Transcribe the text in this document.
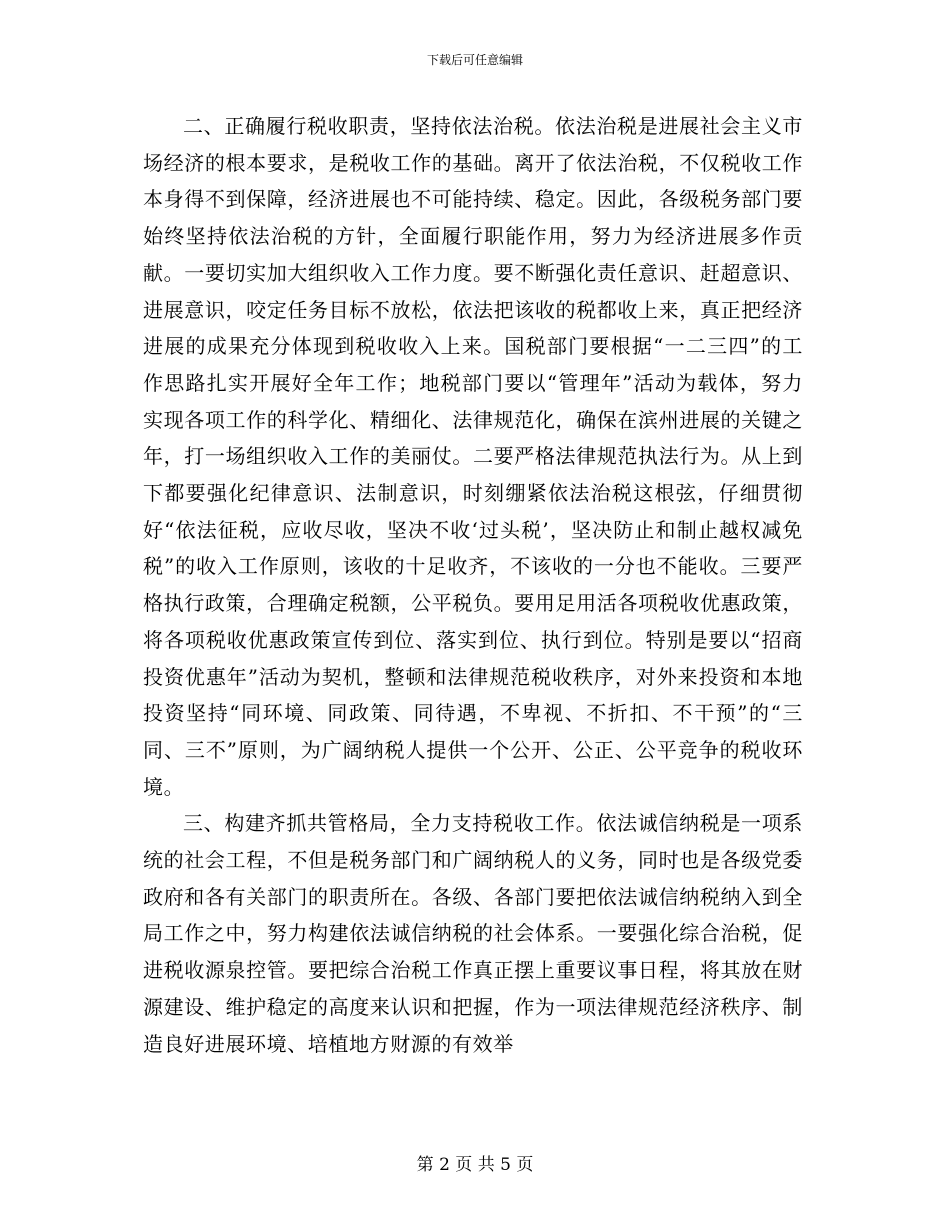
下载后可任意编辑

二、正确履行税收职责，坚持依法治税。依法治税是进展社会主义市场经济的根本要求，是税收工作的基础。离开了依法治税，不仅税收工作本身得不到保障，经济进展也不可能持续、稳定。因此，各级税务部门要始终坚持依法治税的方针，全面履行职能作用，努力为经济进展多作贡献。一要切实加大组织收入工作力度。要不断强化责任意识、赶超意识、进展意识，咬定任务目标不放松，依法把该收的税都收上来，真正把经济进展的成果充分体现到税收收入上来。国税部门要根据“一二三四”的工作思路扎实开展好全年工作；地税部门要以“管理年”活动为载体，努力实现各项工作的科学化、精细化、法律规范化，确保在滨州进展的关键之年，打一场组织收入工作的美丽仗。二要严格法律规范执法行为。从上到下都要强化纪律意识、法制意识，时刻绷紧依法治税这根弦，仔细贯彻好“依法征税，应收尽收，坚决不收‘过头税’，坚决防止和制止越权减免税”的收入工作原则，该收的十足收齐，不该收的一分也不能收。三要严格执行政策，合理确定税额，公平税负。要用足用活各项税收优惠政策，将各项税收优惠政策宣传到位、落实到位、执行到位。特别是要以“招商投资优惠年”活动为契机，整顿和法律规范税收秩序，对外来投资和本地投资坚持“同环境、同政策、同待遇，不卑视、不折扣、不干预”的“三同、三不”原则，为广阔纳税人提供一个公开、公正、公平竞争的税收环境。

三、构建齐抓共管格局，全力支持税收工作。依法诚信纳税是一项系统的社会工程，不但是税务部门和广阔纳税人的义务，同时也是各级党委政府和各有关部门的职责所在。各级、各部门要把依法诚信纳税纳入到全局工作之中，努力构建依法诚信纳税的社会体系。一要强化综合治税，促进税收源泉控管。要把综合治税工作真正摆上重要议事日程，将其放在财源建设、维护稳定的高度来认识和把握，作为一项法律规范经济秩序、制造良好进展环境、培植地方财源的有效举

第 2 页 共 5 页
